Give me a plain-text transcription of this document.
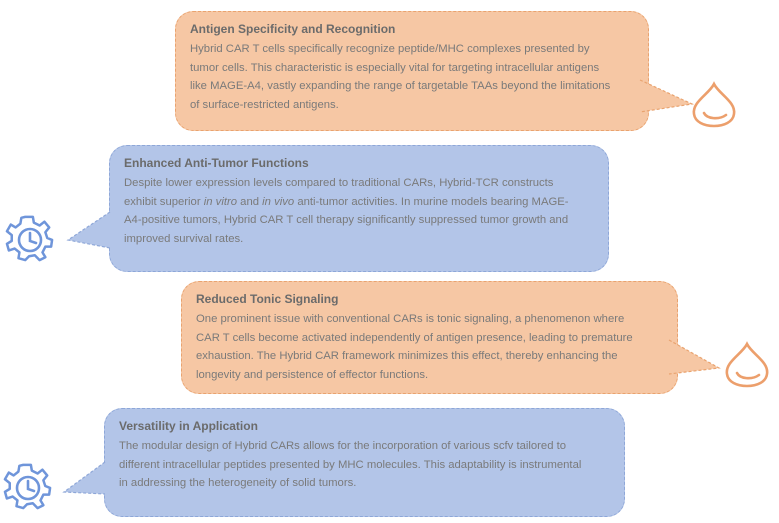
Antigen Specificity and Recognition
Hybrid CAR T cells specifically recognize peptide/MHC complexes presented by
tumor cells. This characteristic is especially vital for targeting intracellular antigens
like MAGE-A4, vastly expanding the range of targetable TAAs beyond the limitations
of surface-restricted antigens.
Enhanced Anti-Tumor Functions
Despite lower expression levels compared to traditional CARs, Hybrid-TCR constructs
exhibit superior in vitro and in vivo anti-tumor activities. In murine models bearing MAGE-
A4-positive tumors, Hybrid CAR T cell therapy significantly suppressed tumor growth and
improved survival rates.
Reduced Tonic Signaling
One prominent issue with conventional CARs is tonic signaling, a phenomenon where
CAR T cells become activated independently of antigen presence, leading to premature
exhaustion. The Hybrid CAR framework minimizes this effect, thereby enhancing the
longevity and persistence of effector functions.
Versatility in Application
The modular design of Hybrid CARs allows for the incorporation of various scfv tailored to
different intracellular peptides presented by MHC molecules. This adaptability is instrumental
in addressing the heterogeneity of solid tumors.
